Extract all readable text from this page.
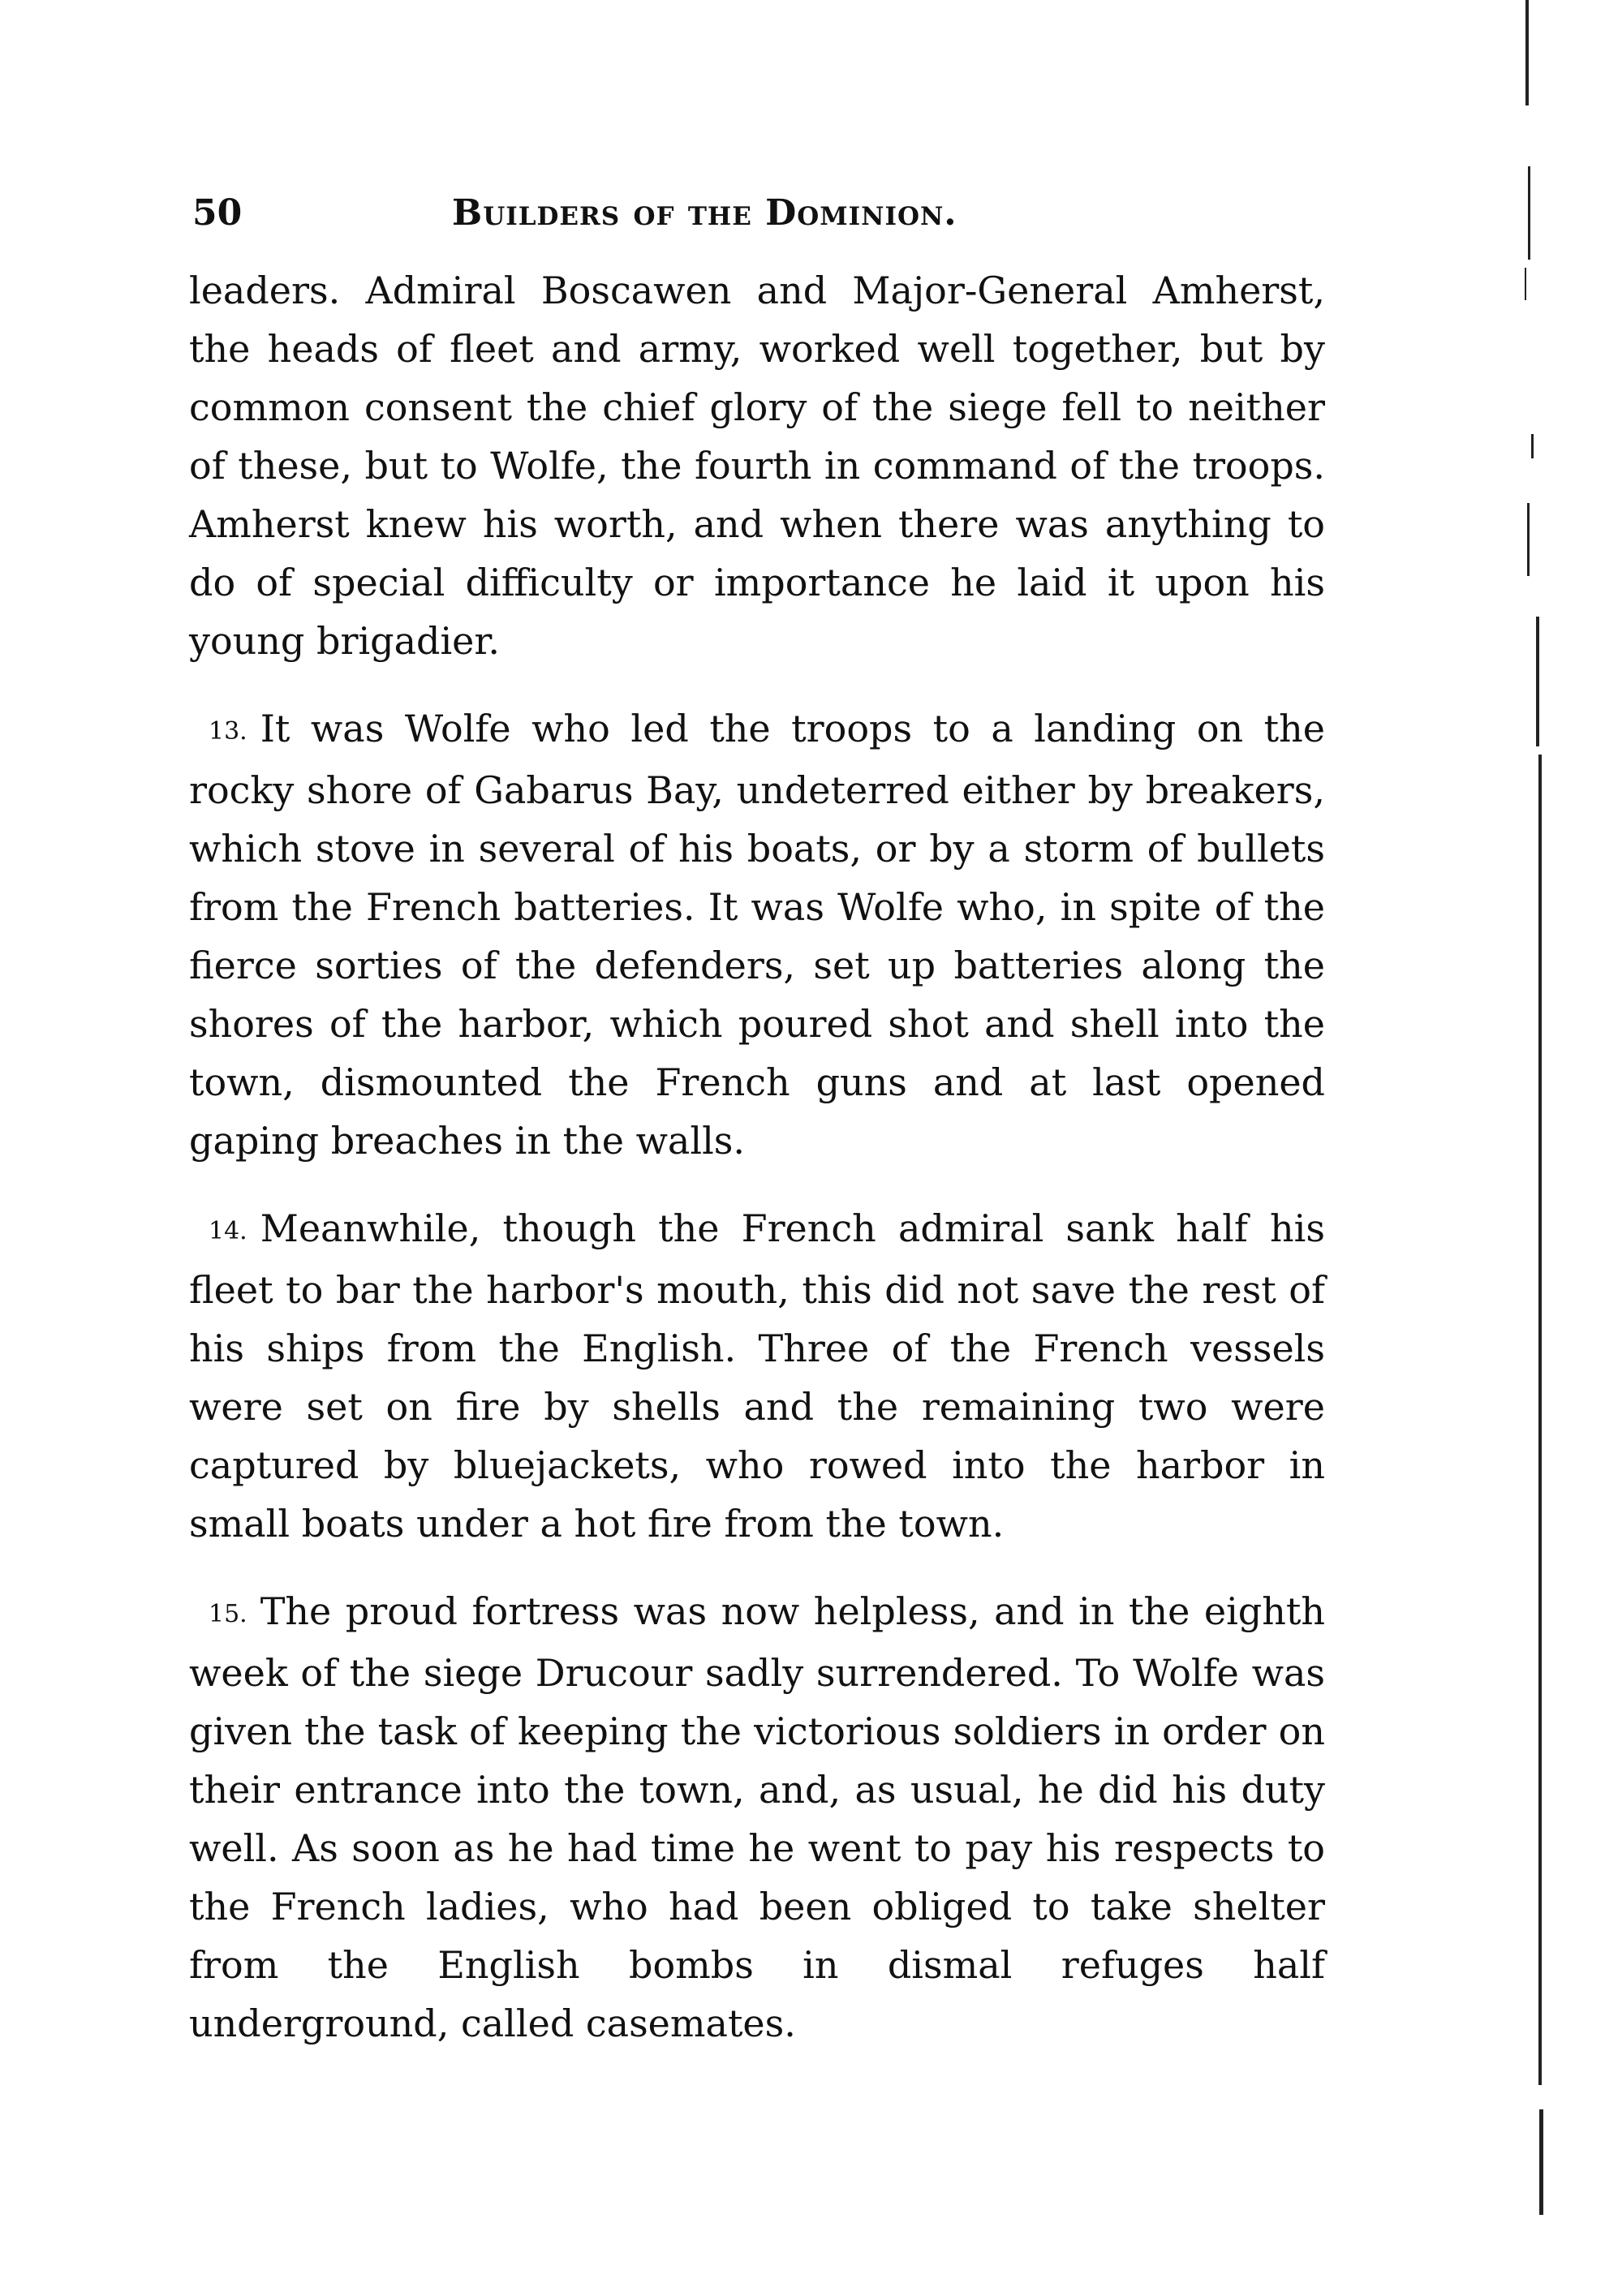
50	Builders of the Dominion.

leaders. Admiral Boscawen and Major-General Amherst, the heads of fleet and army, worked well together, but by common consent the chief glory of the siege fell to neither of these, but to Wolfe, the fourth in command of the troops. Amherst knew his worth, and when there was anything to do of special difficulty or importance he laid it upon his young brigadier.

13. It was Wolfe who led the troops to a landing on the rocky shore of Gabarus Bay, undeterred either by breakers, which stove in several of his boats, or by a storm of bullets from the French batteries. It was Wolfe who, in spite of the fierce sorties of the defenders, set up batteries along the shores of the harbor, which poured shot and shell into the town, dismounted the French guns and at last opened gaping breaches in the walls.

14. Meanwhile, though the French admiral sank half his fleet to bar the harbor's mouth, this did not save the rest of his ships from the English. Three of the French vessels were set on fire by shells and the remaining two were captured by bluejackets, who rowed into the harbor in small boats under a hot fire from the town.

15. The proud fortress was now helpless, and in the eighth week of the siege Drucour sadly surrendered. To Wolfe was given the task of keeping the victorious soldiers in order on their entrance into the town, and, as usual, he did his duty well. As soon as he had time he went to pay his respects to the French ladies, who had been obliged to take shelter from the English bombs in dismal refuges half underground, called casemates.
